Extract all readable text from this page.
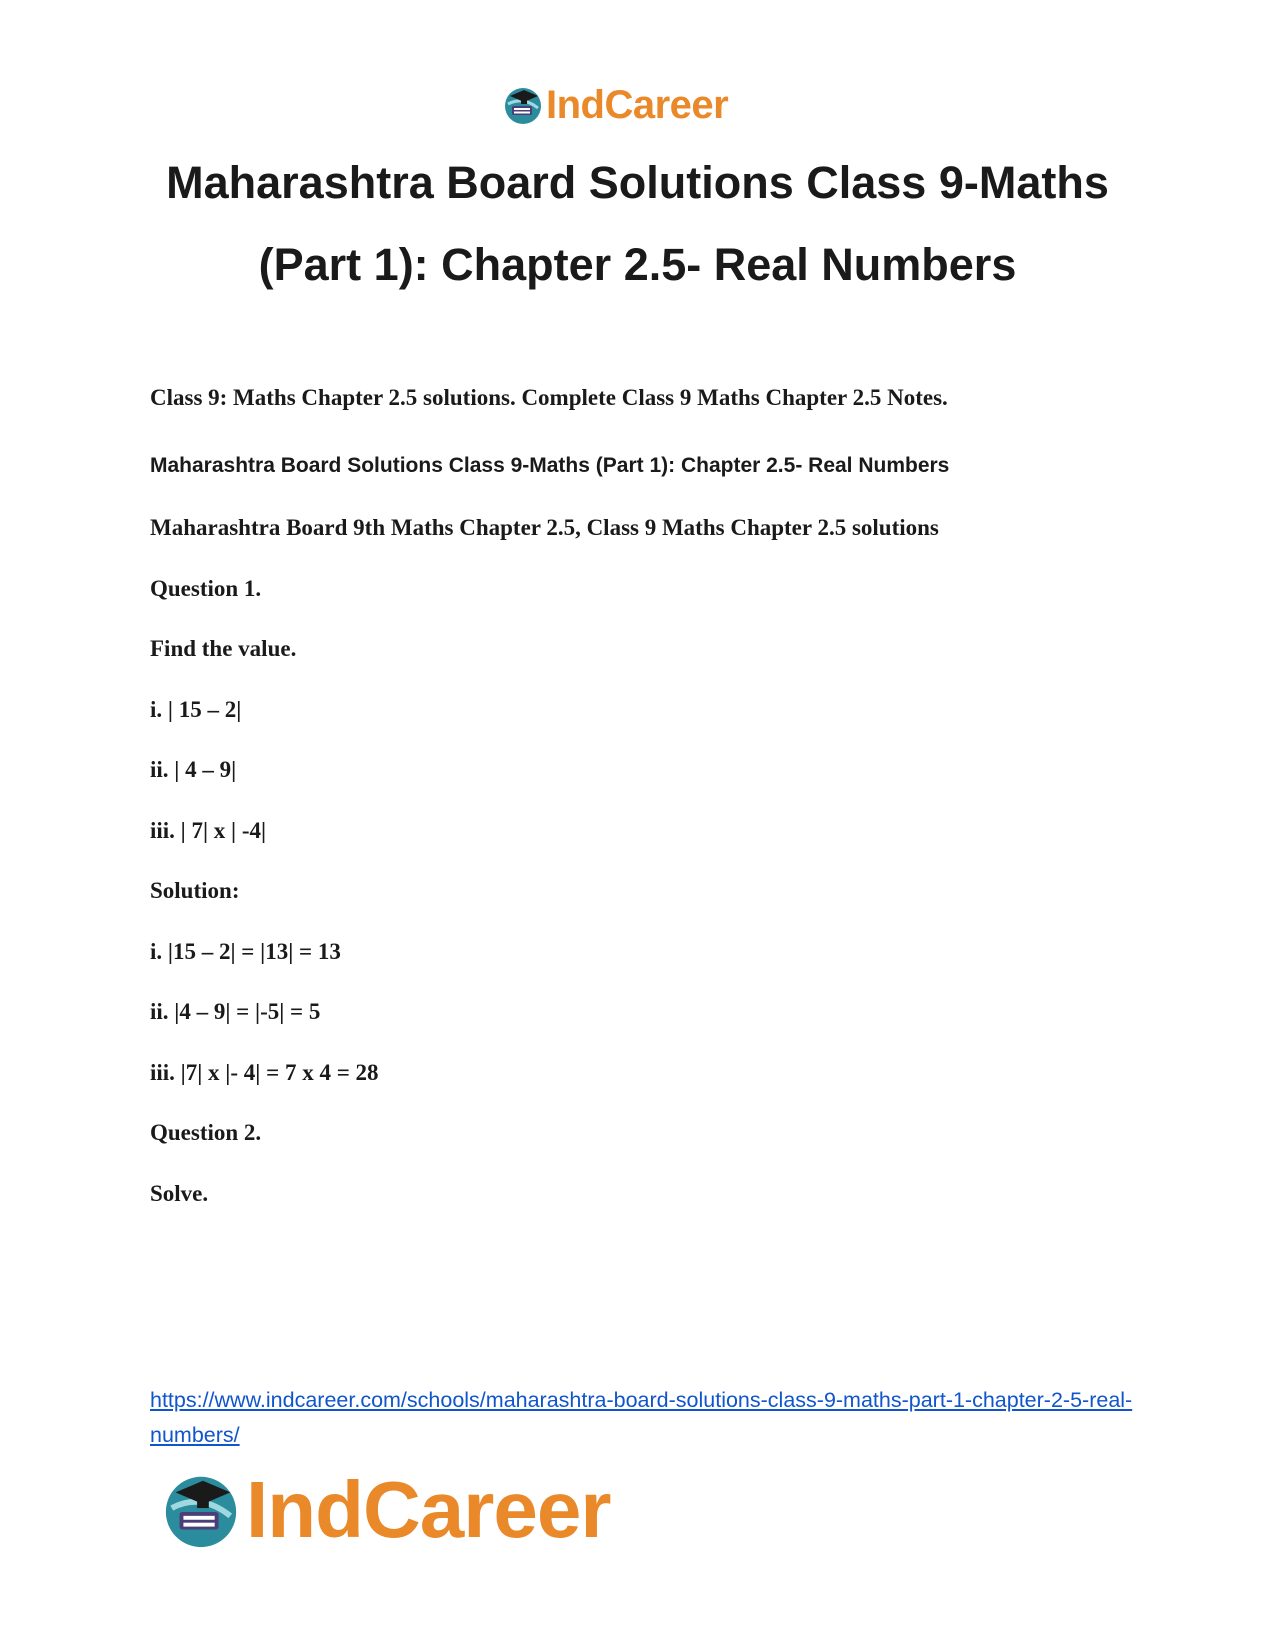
IndCareer
Maharashtra Board Solutions Class 9-Maths
(Part 1): Chapter 2.5- Real Numbers

Class 9: Maths Chapter 2.5 solutions. Complete Class 9 Maths Chapter 2.5 Notes.

Maharashtra Board Solutions Class 9-Maths (Part 1): Chapter 2.5- Real Numbers

Maharashtra Board 9th Maths Chapter 2.5, Class 9 Maths Chapter 2.5 solutions

Question 1.

Find the value.

i. | 15 – 2|

ii. | 4 – 9|

iii. | 7| x | -4|

Solution:

i. |15 – 2| = |13| = 13

ii. |4 – 9| = |-5| = 5

iii. |7| x |- 4| = 7 x 4 = 28

Question 2.

Solve.

https://www.indcareer.com/schools/maharashtra-board-solutions-class-9-maths-part-1-chapter-2-5-real-numbers/
IndCareer
